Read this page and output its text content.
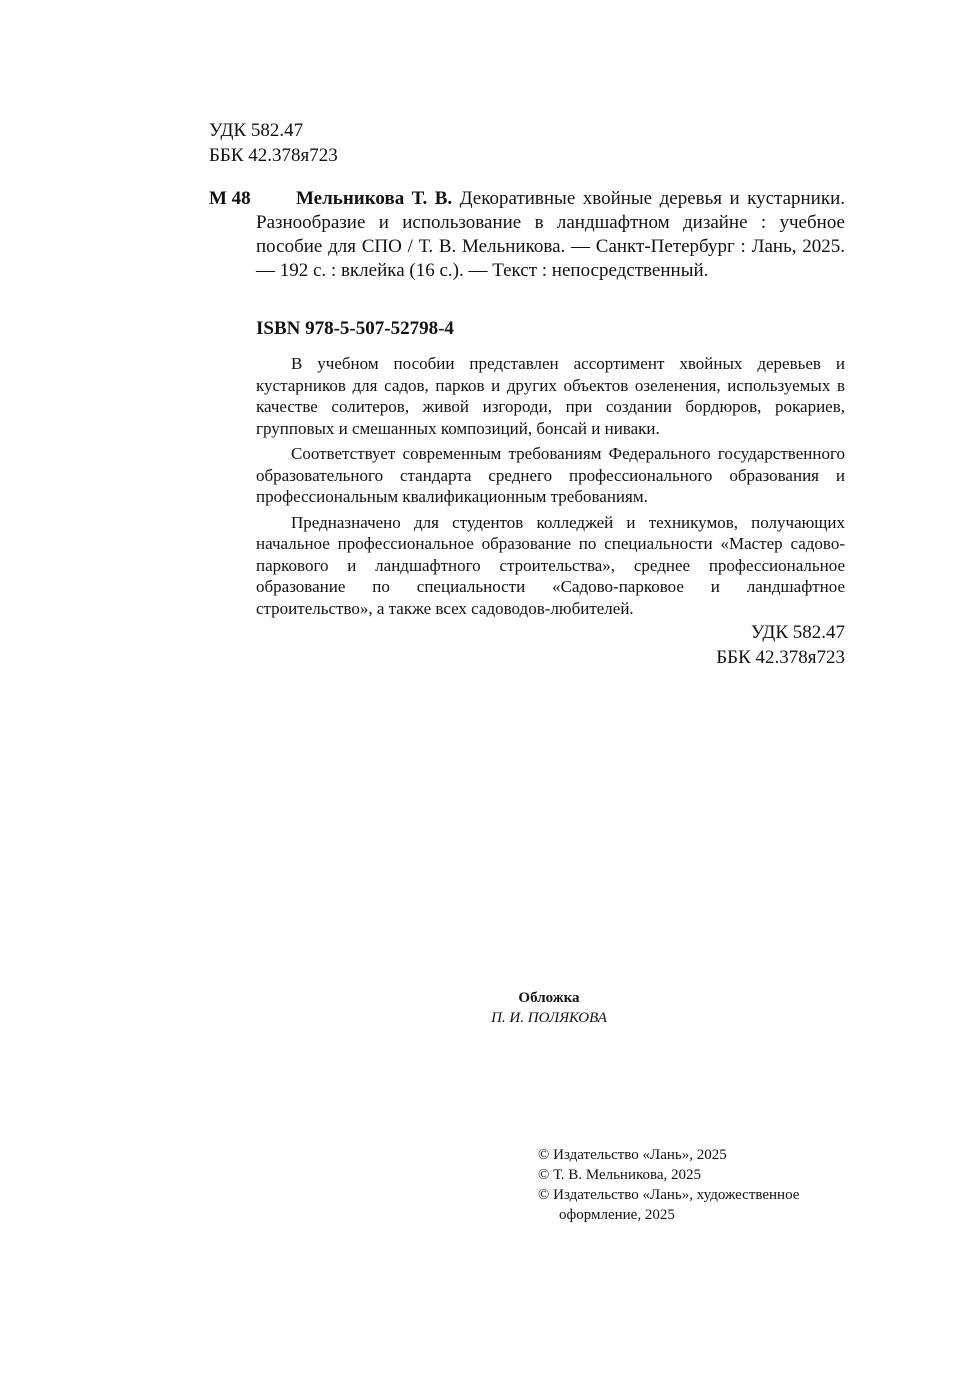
УДК 582.47
ББК 42.378я723
М 48	Мельникова Т. В. Декоративные хвойные деревья и кустарники. Разнообразие и использование в ландшафтном дизайне : учебное пособие для СПО / Т. В. Мельникова. — Санкт-Петербург : Лань, 2025. — 192 с. : вклейка (16 с.). — Текст : непосредственный.
ISBN 978-5-507-52798-4

В учебном пособии представлен ассортимент хвойных деревьев и кустарников для садов, парков и других объектов озеленения, используемых в качестве солитеров, живой изгороди, при создании бордюров, рокариев, групповых и смешанных композиций, бонсай и ниваки.

Соответствует современным требованиям Федерального государственного образовательного стандарта среднего профессионального образования и профессиональным квалификационным требованиям.

Предназначено для студентов колледжей и техникумов, получающих начальное профессиональное образование по специальности «Мастер садово-паркового и ландшафтного строительства», среднее профессиональное образование по специальности «Садово-парковое и ландшафтное строительство», а также всех садоводов-любителей.

УДК 582.47
ББК 42.378я723
Обложка
П. И. ПОЛЯКОВА
© Издательство «Лань», 2025
© Т. В. Мельникова, 2025
© Издательство «Лань», художественное
оформление, 2025
